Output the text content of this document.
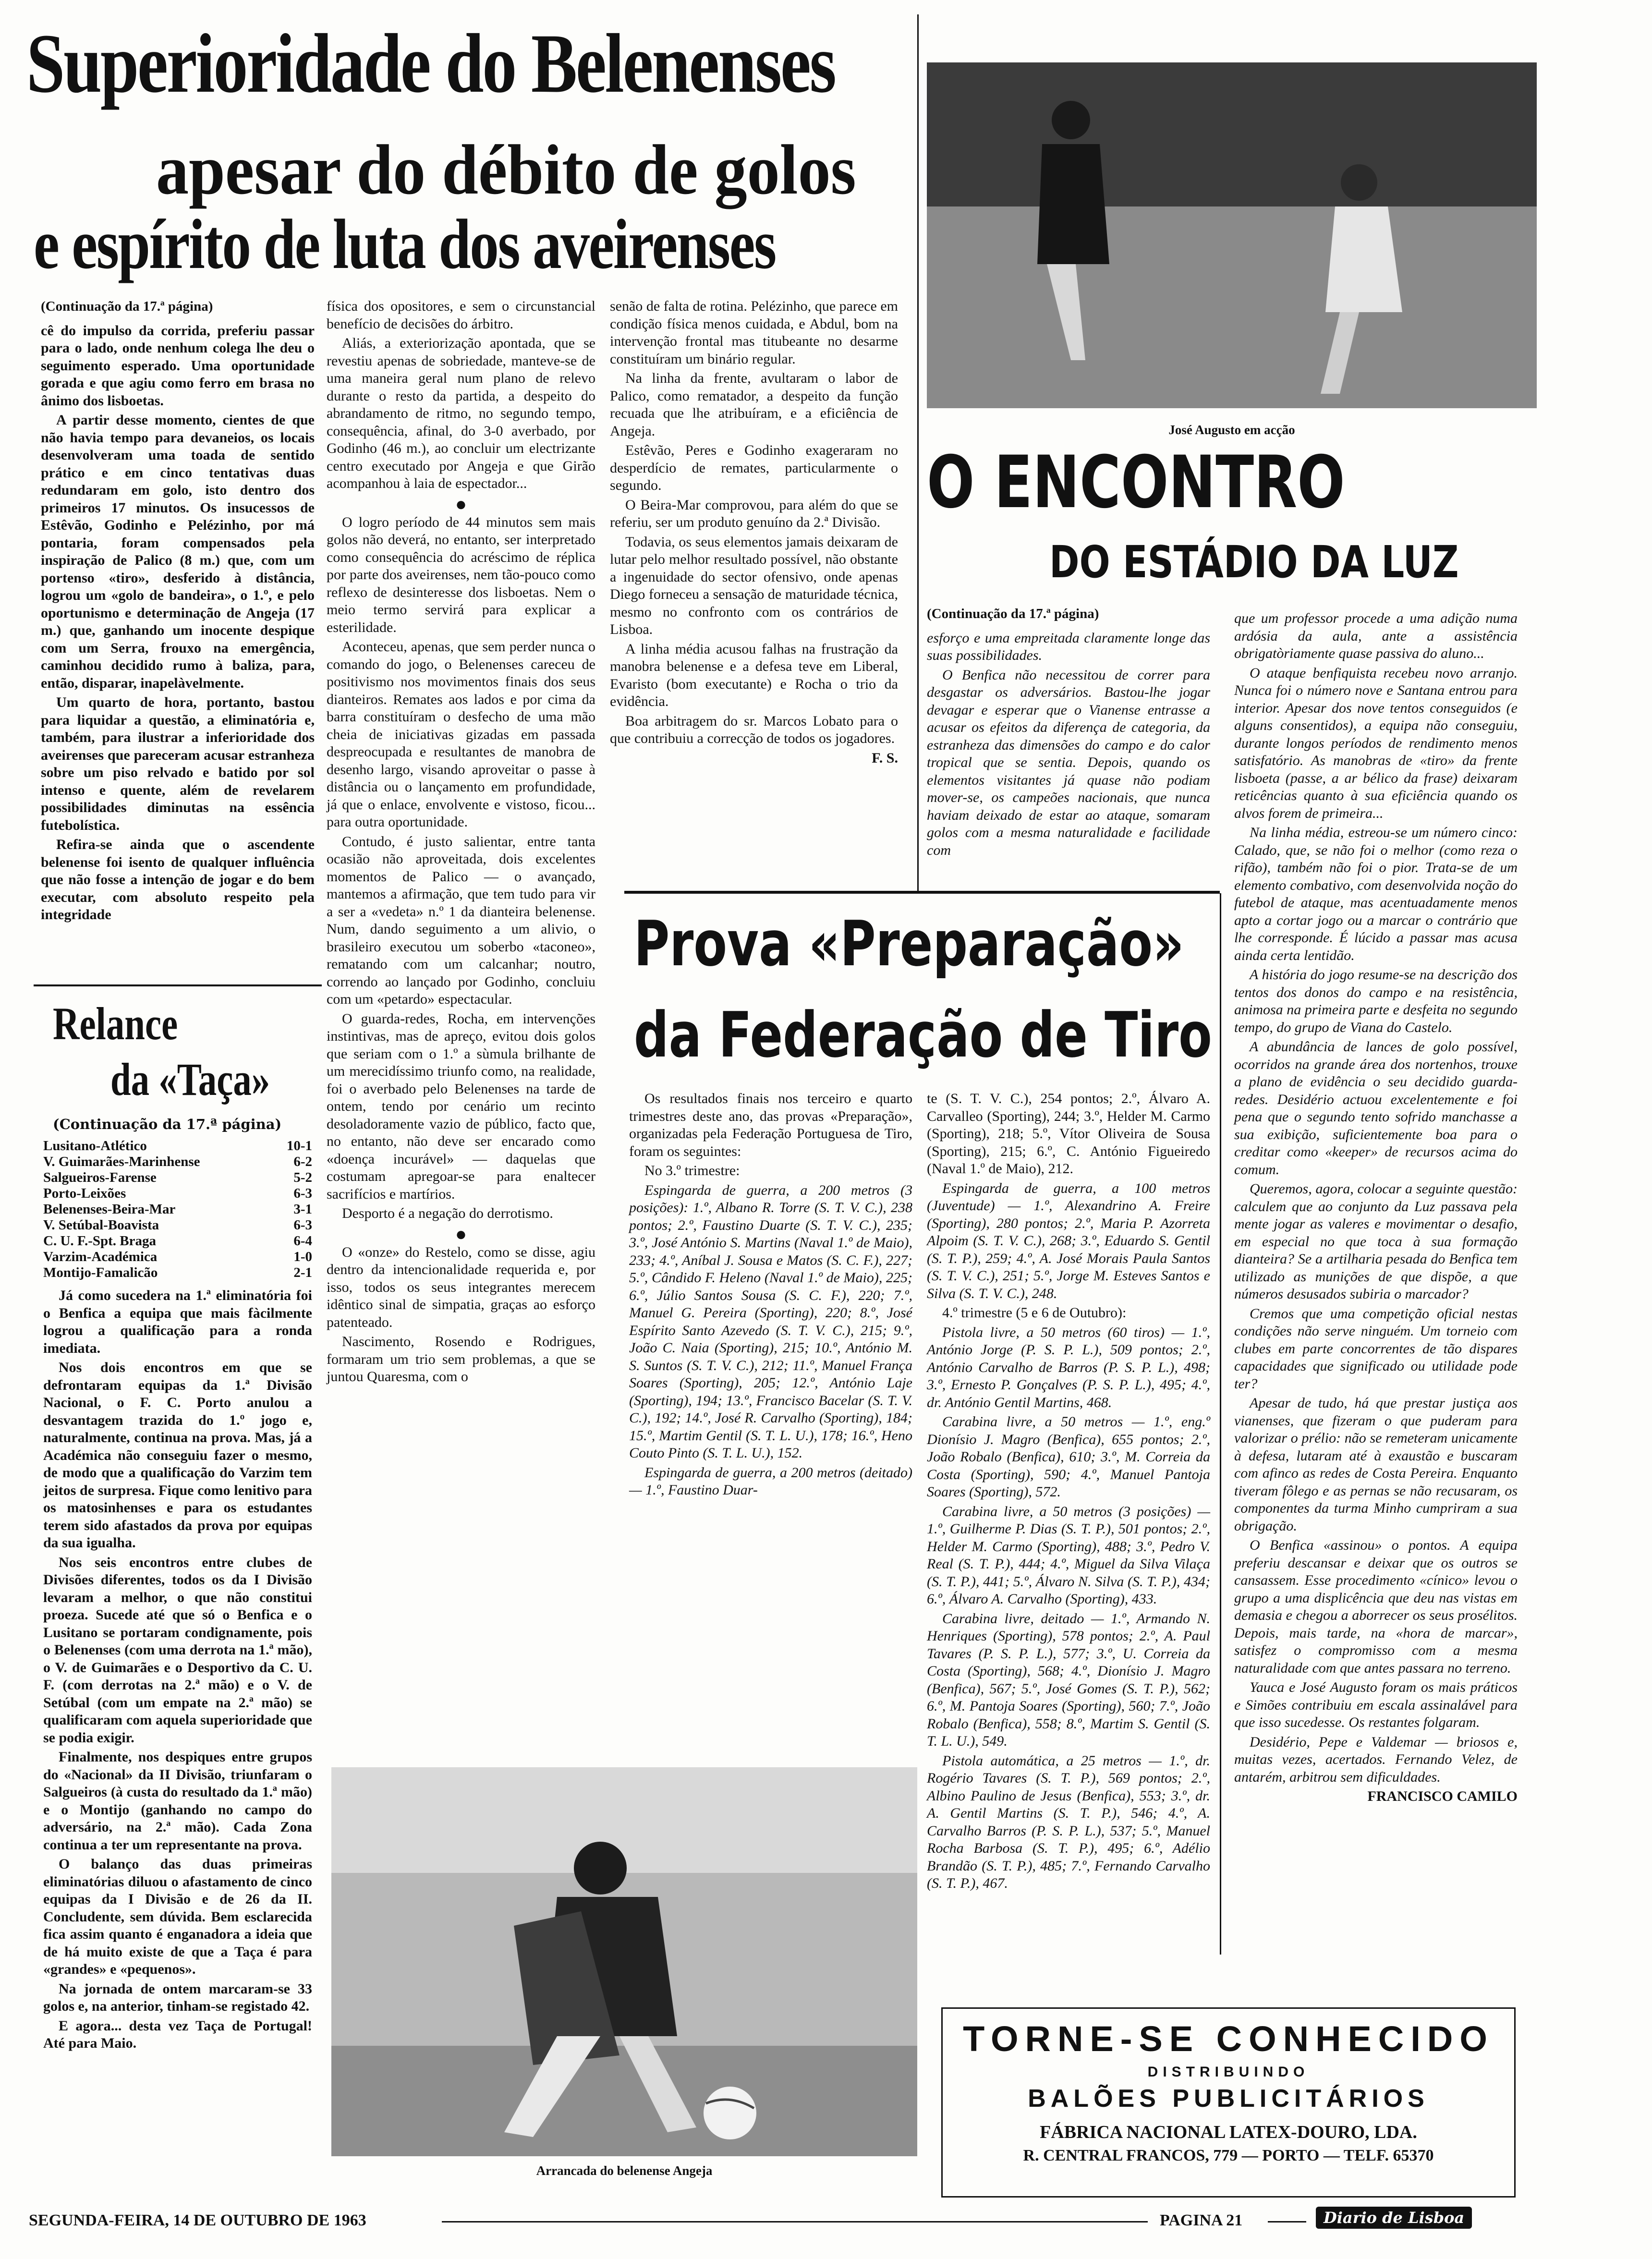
Superioridade do Belenenses
apesar do débito de golos
e espírito de luta dos aveirenses
(Continuação da 17.ª página)

cê do impulso da corrida, preferiu passar para o lado, onde nenhum colega lhe deu o seguimento esperado. Uma oportunidade gorada e que agiu como ferro em brasa no ânimo dos lisboetas.

A partir desse momento, cientes de que não havia tempo para devaneios, os locais desenvolveram uma toada de sentido prático e em cinco tentativas duas redundaram em golo, isto dentro dos primeiros 17 minutos. Os insucessos de Estêvão, Godinho e Pelézinho, por má pontaria, foram compensados pela inspiração de Palico (8 m.) que, com um portenso «tiro», desferido à distância, logrou um «golo de bandeira», o 1.º, e pelo oportunismo e determinação de Angeja (17 m.) que, ganhando um inocente despique com um Serra, frouxo na emergência, caminhou decidido rumo à baliza, para, então, disparar, inapelàvelmente.

Um quarto de hora, portanto, bastou para liquidar a questão, a eliminatória e, também, para ilustrar a inferioridade dos aveirenses que pareceram acusar estranheza sobre um piso relvado e batido por sol intenso e quente, além de revelarem possibilidades diminutas na essência futebolística.

Refira-se ainda que o ascendente belenense foi isento de qualquer influência que não fosse a intenção de jogar e do bem executar, com absoluto respeito pela integridade

física dos opositores, e sem o circunstancial benefício de decisões do árbitro.

Aliás, a exteriorização apontada, que se revestiu apenas de sobriedade, manteve-se de uma maneira geral num plano de relevo durante o resto da partida, a despeito do abrandamento de ritmo, no segundo tempo, consequência, afinal, do 3-0 averbado, por Godinho (46 m.), ao concluir um electrizante centro executado por Angeja e que Girão acompanhou à laia de espectador...

●

O logro período de 44 minutos sem mais golos não deverá, no entanto, ser interpretado como consequência do acréscimo de réplica por parte dos aveirenses, nem tão-pouco como reflexo de desinteresse dos lisboetas. Nem o meio termo servirá para explicar a esterilidade.

Aconteceu, apenas, que sem perder nunca o comando do jogo, o Belenenses careceu de positivismo nos movimentos finais dos seus dianteiros. Remates aos lados e por cima da barra constituíram o desfecho de uma mão cheia de iniciativas gizadas em passada despreocupada e resultantes de manobra de desenho largo, visando aproveitar o passe à distância ou o lançamento em profundidade, já que o enlace, envolvente e vistoso, ficou... para outra oportunidade.

Contudo, é justo salientar, entre tanta ocasião não aproveitada, dois excelentes momentos de Palico — o avançado, mantemos a afirmação, que tem tudo para vir a ser a «vedeta» n.º 1 da dianteira belenense. Num, dando seguimento a um alivio, o brasileiro executou um soberbo «taconeo», rematando com um calcanhar; noutro, correndo ao lançado por Godinho, concluiu com um «petardo» espectacular.

O guarda-redes, Rocha, em intervenções instintivas, mas de apreço, evitou dois golos que seriam com o 1.º a sùmula brilhante de um merecidíssimo triunfo como, na realidade, foi o averbado pelo Belenenses na tarde de ontem, tendo por cenário um recinto desoladoramente vazio de público, facto que, no entanto, não deve ser encarado como «doença incurável» — daquelas que costumam apregoar-se para enaltecer sacrifícios e martírios.

Desporto é a negação do derrotismo.

●

O «onze» do Restelo, como se disse, agiu dentro da intencionalidade requerida e, por isso, todos os seus integrantes merecem idêntico sinal de simpatia, graças ao esforço patenteado.

Nascimento, Rosendo e Rodrigues, formaram um trio sem problemas, a que se juntou Quaresma, com o

senão de falta de rotina. Pelézinho, que parece em condição física menos cuidada, e Abdul, bom na intervenção frontal mas titubeante no desarme constituíram um binário regular.

Na linha da frente, avultaram o labor de Palico, como rematador, a despeito da função recuada que lhe atribuíram, e a eficiência de Angeja.

Estêvão, Peres e Godinho exageraram no desperdício de remates, particularmente o segundo.

O Beira-Mar comprovou, para além do que se referiu, ser um produto genuíno da 2.ª Divisão.

Todavia, os seus elementos jamais deixaram de lutar pelo melhor resultado possível, não obstante a ingenuidade do sector ofensivo, onde apenas Diego forneceu a sensação de maturidade técnica, mesmo no confronto com os contrários de Lisboa.

A linha média acusou falhas na frustração da manobra belenense e a defesa teve em Liberal, Evaristo (bom executante) e Rocha o trio da evidência.

Boa arbitragem do sr. Marcos Lobato para o que contribuiu a correcção de todos os jogadores.

F. S.
Relance
da «Taça»
(Continuação da 17.ª página)
Lusitano-Atlético	10-1
V. Guimarães-Marinhense	6-2
Salgueiros-Farense	5-2
Porto-Leixões	6-3
Belenenses-Beira-Mar	3-1
V. Setúbal-Boavista	6-3
C. U. F.-Spt. Braga	6-4
Varzim-Académica	1-0
Montijo-Famalicão	2-1

Já como sucedera na 1.ª eliminatória foi o Benfica a equipa que mais fàcilmente logrou a qualificação para a ronda imediata.

Nos dois encontros em que se defrontaram equipas da 1.ª Divisão Nacional, o F. C. Porto anulou a desvantagem trazida do 1.º jogo e, naturalmente, continua na prova. Mas, já a Académica não conseguiu fazer o mesmo, de modo que a qualificação do Varzim tem jeitos de surpresa. Fique como lenitivo para os matosinhenses e para os estudantes terem sido afastados da prova por equipas da sua igualha.

Nos seis encontros entre clubes de Divisões diferentes, todos os da I Divisão levaram a melhor, o que não constitui proeza. Sucede até que só o Benfica e o Lusitano se portaram condignamente, pois o Belenenses (com uma derrota na 1.ª mão), o V. de Guimarães e o Desportivo da C. U. F. (com derrotas na 2.ª mão) e o V. de Setúbal (com um empate na 2.ª mão) se qualificaram com aquela superioridade que se podia exigir.

Finalmente, nos despiques entre grupos do «Nacional» da II Divisão, triunfaram o Salgueiros (à custa do resultado da 1.ª mão) e o Montijo (ganhando no campo do adversário, na 2.ª mão). Cada Zona continua a ter um representante na prova.

O balanço das duas primeiras eliminatórias diluou o afastamento de cinco equipas da I Divisão e de 26 da II. Concludente, sem dúvida. Bem esclarecida fica assim quanto é enganadora a ideia que de há muito existe de que a Taça é para «grandes» e «pequenos».

Na jornada de ontem marcaram-se 33 golos e, na anterior, tinham-se registado 42.

E agora... desta vez Taça de Portugal! Até para Maio.

José Augusto em acção
O ENCONTRO
DO ESTÁDIO DA LUZ
(Continuação da 17.ª página)

esforço e uma empreitada claramente longe das suas possibilidades.

O Benfica não necessitou de correr para desgastar os adversários. Bastou-lhe jogar devagar e esperar que o Vianense entrasse a acusar os efeitos da diferença de categoria, da estranheza das dimensões do campo e do calor tropical que se sentia. Depois, quando os elementos visitantes já quase não podiam mover-se, os campeões nacionais, que nunca haviam deixado de estar ao ataque, somaram golos com a mesma naturalidade e facilidade com

que um professor procede a uma adição numa ardósia da aula, ante a assistência obrigatòriamente quase passiva do aluno...

O ataque benfiquista recebeu novo arranjo. Nunca foi o número nove e Santana entrou para interior. Apesar dos nove tentos conseguidos (e alguns consentidos), a equipa não conseguiu, durante longos períodos de rendimento menos satisfatório. As manobras de «tiro» da frente lisboeta (passe, a ar bélico da frase) deixaram reticências quanto à sua eficiência quando os alvos forem de primeira...

Na linha média, estreou-se um número cinco: Calado, que, se não foi o melhor (como reza o rifão), também não foi o pior. Trata-se de um elemento combativo, com desenvolvida noção do futebol de ataque, mas acentuadamente menos apto a cortar jogo ou a marcar o contrário que lhe corresponde. É lúcido a passar mas acusa ainda certa lentidão.

A história do jogo resume-se na descrição dos tentos dos donos do campo e na resistência, animosa na primeira parte e desfeita no segundo tempo, do grupo de Viana do Castelo.

A abundância de lances de golo possível, ocorridos na grande área dos nortenhos, trouxe a plano de evidência o seu decidido guarda-redes. Desidério actuou excelentemente e foi pena que o segundo tento sofrido manchasse a sua exibição, suficientemente boa para o creditar como «keeper» de recursos acima do comum.

Queremos, agora, colocar a seguinte questão: calculem que ao conjunto da Luz passava pela mente jogar as valeres e movimentar o desafio, em especial no que toca à sua formação dianteira? Se a artilharia pesada do Benfica tem utilizado as munições de que dispõe, a que números desusados subiria o marcador?

Cremos que uma competição oficial nestas condições não serve ninguém. Um torneio com clubes em parte concorrentes de tão dispares capacidades que significado ou utilidade pode ter?

Apesar de tudo, há que prestar justiça aos vianenses, que fizeram o que puderam para valorizar o prélio: não se remeteram unicamente à defesa, lutaram até à exaustão e buscaram com afinco as redes de Costa Pereira. Enquanto tiveram fôlego e as pernas se não recusaram, os componentes da turma Minho cumpriram a sua obrigação.

O Benfica «assinou» o pontos. A equipa preferiu descansar e deixar que os outros se cansassem. Esse procedimento «cínico» levou o grupo a uma displicência que deu nas vistas em demasia e chegou a aborrecer os seus prosélitos. Depois, mais tarde, na «hora de marcar», satisfez o compromisso com a mesma naturalidade com que antes passara no terreno.

Yauca e José Augusto foram os mais práticos e Simões contribuiu em escala assinalável para que isso sucedesse. Os restantes folgaram.

Desidério, Pepe e Valdemar — briosos e, muitas vezes, acertados. Fernando Velez, de antarém, arbitrou sem dificuldades.

FRANCISCO CAMILO
Prova «Preparação»
da Federação de Tiro

Os resultados finais nos terceiro e quarto trimestres deste ano, das provas «Preparação», organizadas pela Federação Portuguesa de Tiro, foram os seguintes:

No 3.º trimestre:

Espingarda de guerra, a 200 metros (3 posições): 1.º, Albano R. Torre (S. T. V. C.), 238 pontos; 2.º, Faustino Duarte (S. T. V. C.), 235; 3.º, José António S. Martins (Naval 1.º de Maio), 233; 4.º, Aníbal J. Sousa e Matos (S. C. F.), 227; 5.º, Cândido F. Heleno (Naval 1.º de Maio), 225; 6.º, Júlio Santos Sousa (S. C. F.), 220; 7.º, Manuel G. Pereira (Sporting), 220; 8.º, José Espírito Santo Azevedo (S. T. V. C.), 215; 9.º, João C. Naia (Sporting), 215; 10.º, António M. S. Suntos (S. T. V. C.), 212; 11.º, Manuel França Soares (Sporting), 205; 12.º, António Laje (Sporting), 194; 13.º, Francisco Bacelar (S. T. V. C.), 192; 14.º, José R. Carvalho (Sporting), 184; 15.º, Martim Gentil (S. T. L. U.), 178; 16.º, Heno Couto Pinto (S. T. L. U.), 152.

Espingarda de guerra, a 200 metros (deitado) — 1.º, Faustino Duar-

te (S. T. V. C.), 254 pontos; 2.º, Álvaro A. Carvalleo (Sporting), 244; 3.º, Helder M. Carmo (Sporting), 218; 5.º, Vítor Oliveira de Sousa (Sporting), 215; 6.º, C. António Figueiredo (Naval 1.º de Maio), 212.

Espingarda de guerra, a 100 metros (Juventude) — 1.º, Alexandrino A. Freire (Sporting), 280 pontos; 2.º, Maria P. Azorreta Alpoim (S. T. V. C.), 268; 3.º, Eduardo S. Gentil (S. T. P.), 259; 4.º, A. José Morais Paula Santos (S. T. V. C.), 251; 5.º, Jorge M. Esteves Santos e Silva (S. T. V. C.), 248.

4.º trimestre (5 e 6 de Outubro):

Pistola livre, a 50 metros (60 tiros) — 1.º, António Jorge (P. S. P. L.), 509 pontos; 2.º, António Carvalho de Barros (P. S. P. L.), 498; 3.º, Ernesto P. Gonçalves (P. S. P. L.), 495; 4.º, dr. António Gentil Martins, 468.

Carabina livre, a 50 metros — 1.º, eng.º Dionísio J. Magro (Benfica), 655 pontos; 2.º, João Robalo (Benfica), 610; 3.º, M. Correia da Costa (Sporting), 590; 4.º, Manuel Pantoja Soares (Sporting), 572.

Carabina livre, a 50 metros (3 posições) — 1.º, Guilherme P. Dias (S. T. P.), 501 pontos; 2.º, Helder M. Carmo (Sporting), 488; 3.º, Pedro V. Real (S. T. P.), 444; 4.º, Miguel da Silva Vilaça (S. T. P.), 441; 5.º, Álvaro N. Silva (S. T. P.), 434; 6.º, Álvaro A. Carvalho (Sporting), 433.

Carabina livre, deitado — 1.º, Armando N. Henriques (Sporting), 578 pontos; 2.º, A. Paul Tavares (P. S. P. L.), 577; 3.º, U. Correia da Costa (Sporting), 568; 4.º, Dionísio J. Magro (Benfica), 567; 5.º, José Gomes (S. T. P.), 562; 6.º, M. Pantoja Soares (Sporting), 560; 7.º, João Robalo (Benfica), 558; 8.º, Martim S. Gentil (S. T. L. U.), 549.

Pistola automática, a 25 metros — 1.º, dr. Rogério Tavares (S. T. P.), 569 pontos; 2.º, Albino Paulino de Jesus (Benfica), 553; 3.º, dr. A. Gentil Martins (S. T. P.), 546; 4.º, A. Carvalho Barros (P. S. P. L.), 537; 5.º, Manuel Rocha Barbosa (S. T. P.), 495; 6.º, Adélio Brandão (S. T. P.), 485; 7.º, Fernando Carvalho (S. T. P.), 467.

Arrancada do belenense Angeja
TORNE-SE CONHECIDO
DISTRIBUINDO
BALÕES PUBLICITÁRIOS
FÁBRICA NACIONAL LATEX-DOURO, LDA.
R. CENTRAL FRANCOS, 779 — PORTO — TELF. 65370
SEGUNDA-FEIRA, 14 DE OUTUBRO DE 1963	PAGINA 21	Diario de Lisboa
